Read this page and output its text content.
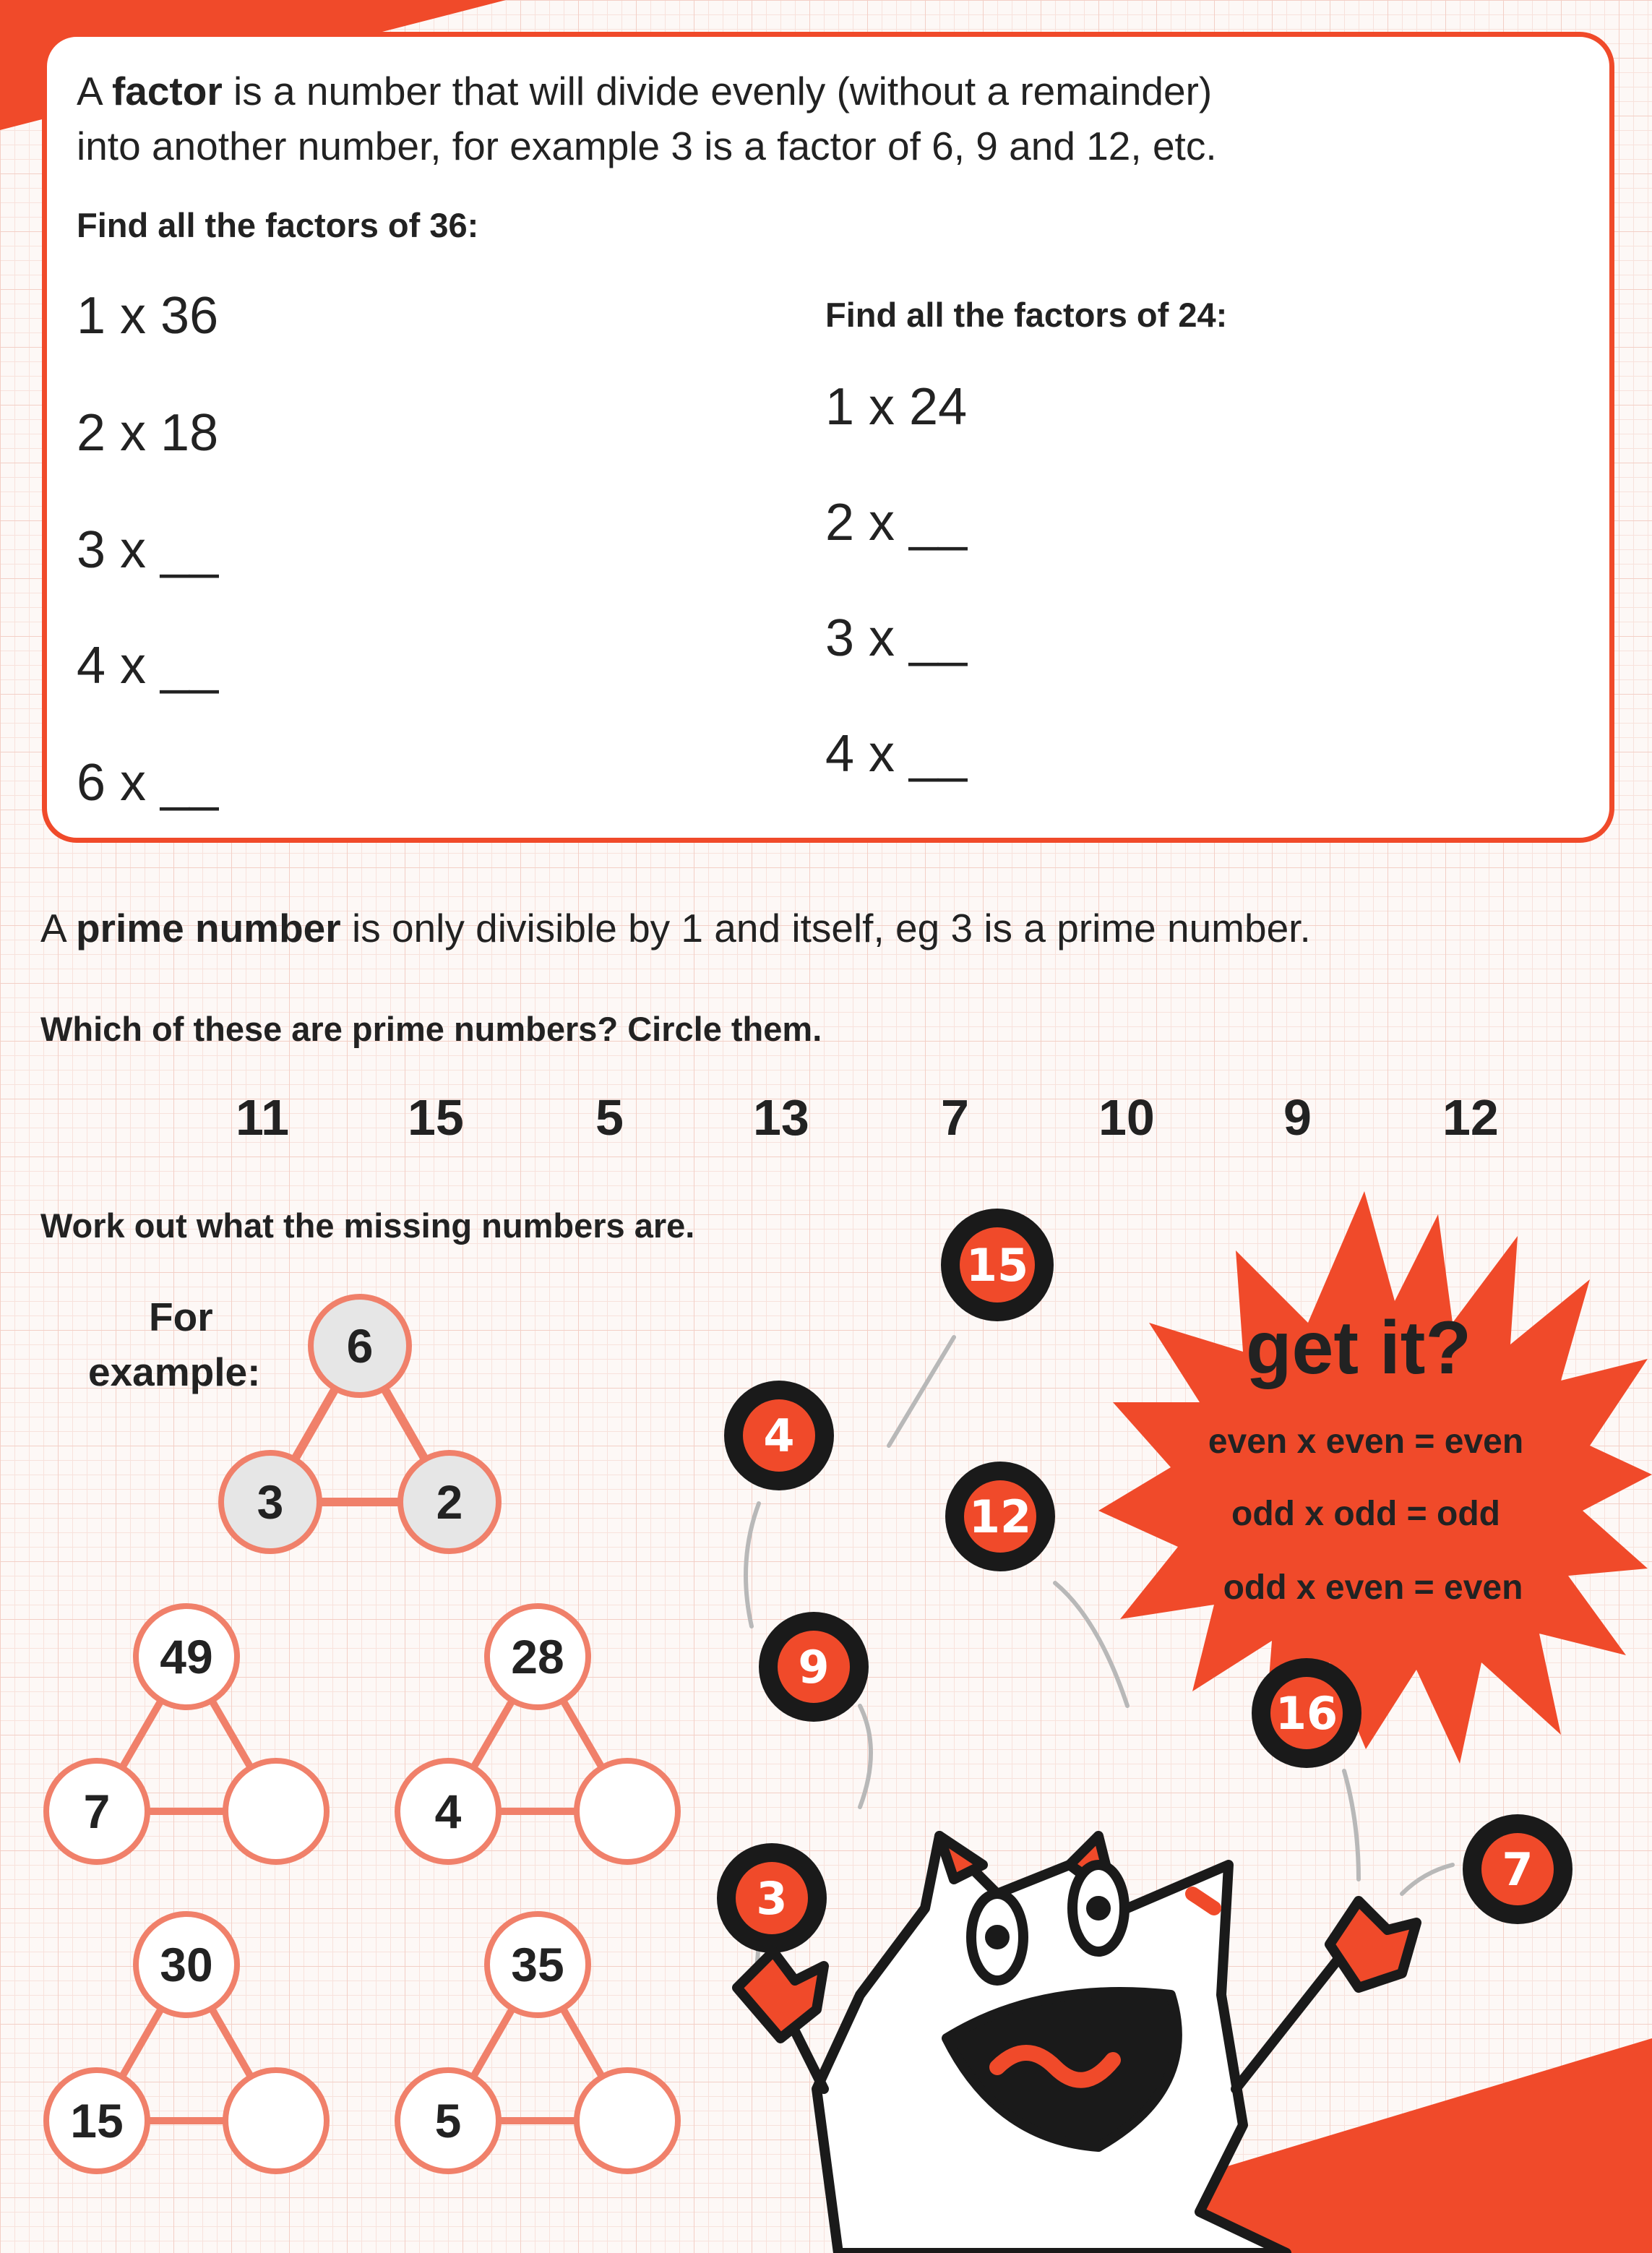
A factor is a number that will divide evenly (without a remainder)
into another number, for example 3 is a factor of 6, 9 and 12, etc.
Find all the factors of 36:
Find all the factors of 24:
1 x 36
2 x 18
3 x __
4 x __
6 x __
1 x 24
2 x __
3 x __
4 x __
A prime number is only divisible by 1 and itself, eg 3 is a prime number.
Which of these are prime numbers? Circle them.
11 15	5	13	7	10	9	12
Work out what the missing numbers are.
For
example: 6
3	2
49
7
28
4
30
15
35
5
get it?
even x even = even
odd x odd = odd
odd x even = even
15
4
12
9
16
3
7
